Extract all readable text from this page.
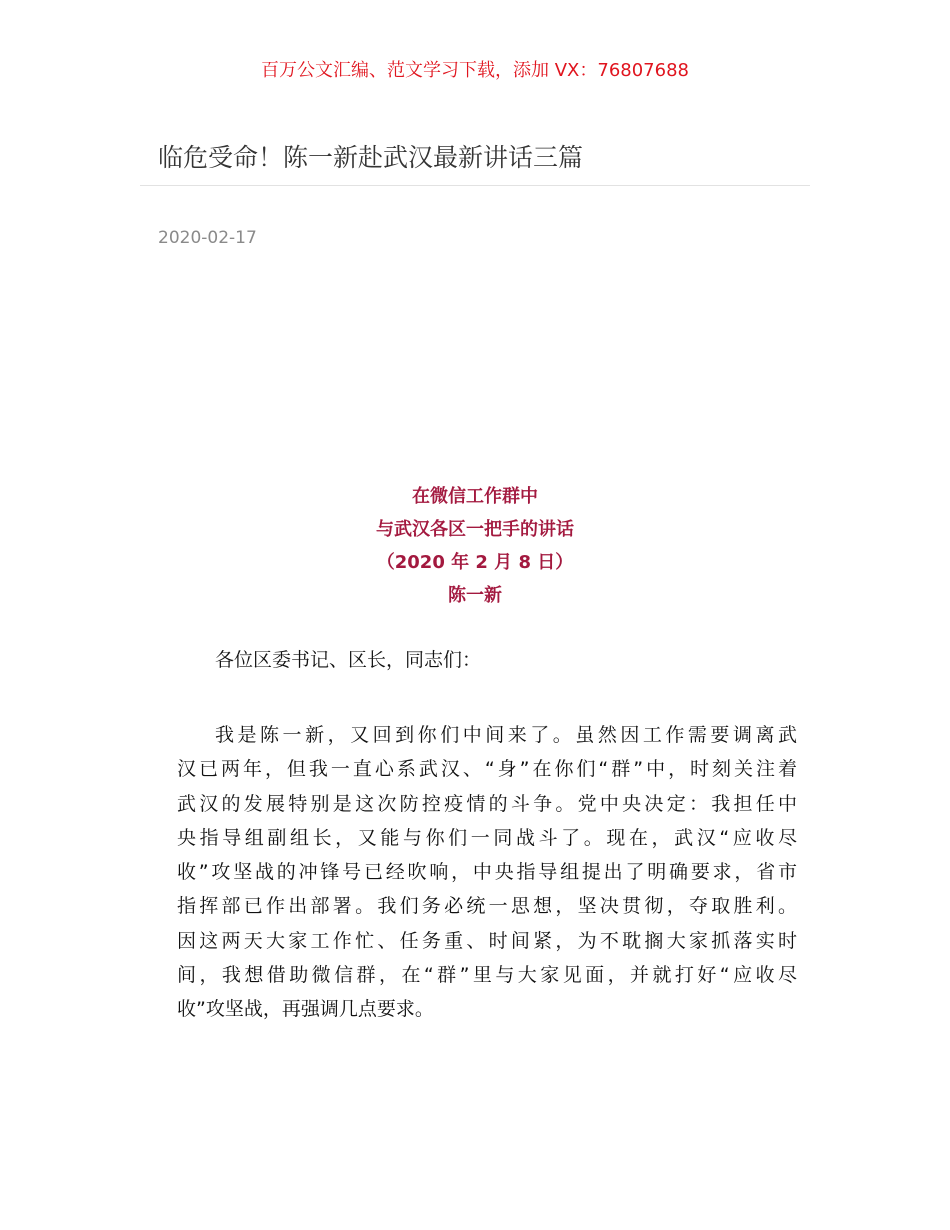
百万公文汇编、范文学习下载，添加 VX：76807688
临危受命！陈一新赴武汉最新讲话三篇
2020-02-17
在微信工作群中
与武汉各区一把手的讲话
（2020 年 2 月 8 日）
陈一新
各位区委书记、区长，同志们：
我是陈一新，又回到你们中间来了。虽然因工作需要调离武
汉已两年，但我一直心系武汉、“身”在你们“群”中，时刻关注着
武汉的发展特别是这次防控疫情的斗争。党中央决定：我担任中
央指导组副组长，又能与你们一同战斗了。现在，武汉“应收尽
收”攻坚战的冲锋号已经吹响，中央指导组提出了明确要求，省市
指挥部已作出部署。我们务必统一思想，坚决贯彻，夺取胜利。
因这两天大家工作忙、任务重、时间紧，为不耽搁大家抓落实时
间，我想借助微信群，在“群”里与大家见面，并就打好“应收尽
收”攻坚战，再强调几点要求。
